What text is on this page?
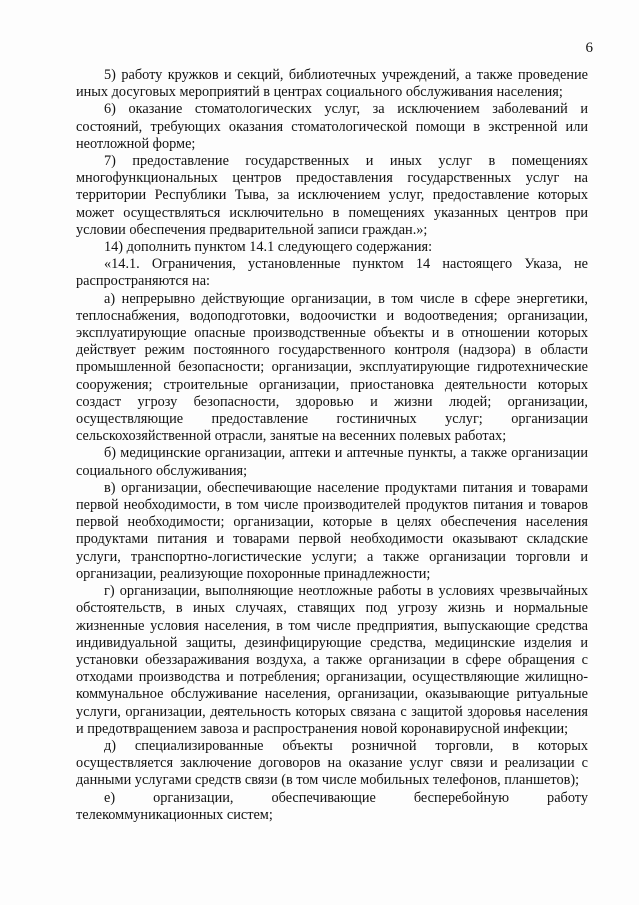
6

5) работу кружков и секций, библиотечных учреждений, а также проведение иных досуговых мероприятий в центрах социального обслуживания населения;

6) оказание стоматологических услуг, за исключением заболеваний и состояний, требующих оказания стоматологической помощи в экстренной или неотложной форме;

7) предоставление государственных и иных услуг в помещениях многофункциональных центров предоставления государственных услуг на территории Республики Тыва, за исключением услуг, предоставление которых может осуществляться исключительно в помещениях указанных центров при условии обеспечения предварительной записи граждан.»;

14) дополнить пунктом 14.1 следующего содержания:

«14.1. Ограничения, установленные пунктом 14 настоящего Указа, не распространяются на:

а) непрерывно действующие организации, в том числе в сфере энергетики, теплоснабжения, водоподготовки, водоочистки и водоотведения; организации, эксплуатирующие опасные производственные объекты и в отношении которых действует режим постоянного государственного контроля (надзора) в области промышленной безопасности; организации, эксплуатирующие гидротехнические сооружения; строительные организации, приостановка деятельности которых создаст угрозу безопасности, здоровью и жизни людей; организации, осуществляющие предоставление гостиничных услуг; организации сельскохозяйственной отрасли, занятые на весенних полевых работах;

б) медицинские организации, аптеки и аптечные пункты, а также организации социального обслуживания;

в) организации, обеспечивающие население продуктами питания и товарами первой необходимости, в том числе производителей продуктов питания и товаров первой необходимости; организации, которые в целях обеспечения населения продуктами питания и товарами первой необходимости оказывают складские услуги, транспортно-логистические услуги; а также организации торговли и организации, реализующие похоронные принадлежности;

г) организации, выполняющие неотложные работы в условиях чрезвычайных обстоятельств, в иных случаях, ставящих под угрозу жизнь и нормальные жизненные условия населения, в том числе предприятия, выпускающие средства индивидуальной защиты, дезинфицирующие средства, медицинские изделия и установки обеззараживания воздуха, а также организации в сфере обращения с отходами производства и потребления; организации, осуществляющие жилищно-коммунальное обслуживание населения, организации, оказывающие ритуальные услуги, организации, деятельность которых связана с защитой здоровья населения и предотвращением завоза и распространения новой коронавирусной инфекции;

д) специализированные объекты розничной торговли, в которых осуществляется заключение договоров на оказание услуг связи и реализации с данными услугами средств связи (в том числе мобильных телефонов, планшетов);

е) организации, обеспечивающие бесперебойную работу телекоммуникационных систем;
